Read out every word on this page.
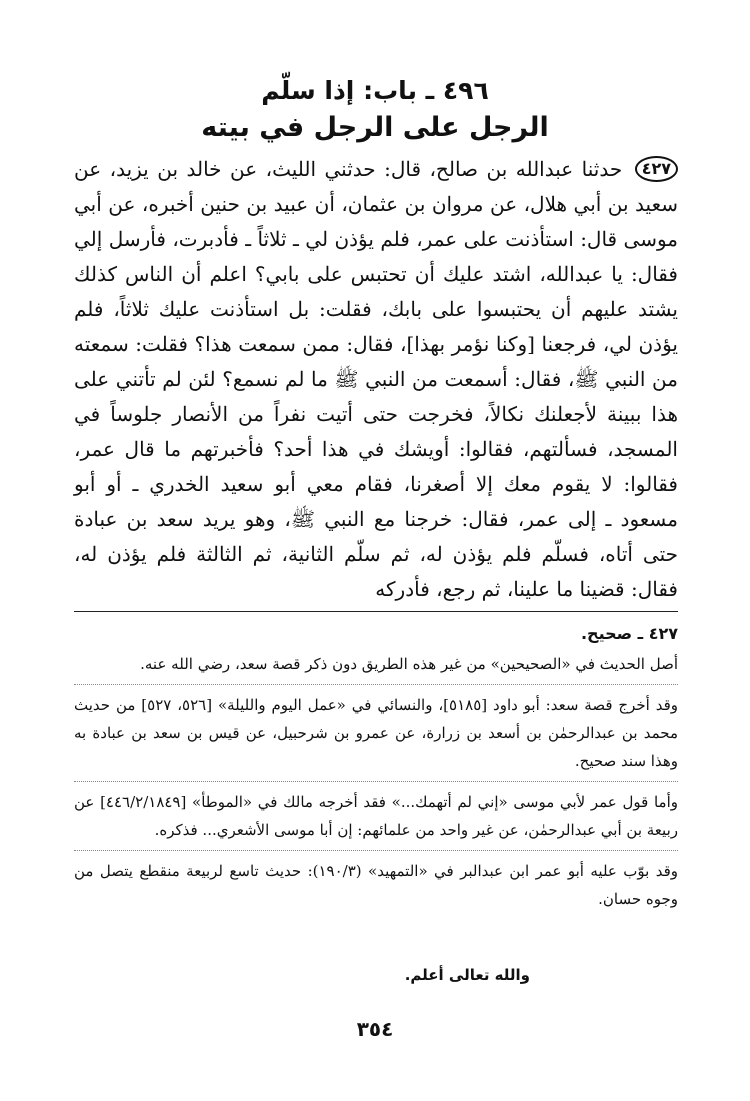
٤٩٦ ـ باب: إذا سلّم
الرجل على الرجل في بيته
٤٢٧ حدثنا عبدالله بن صالح، قال: حدثني الليث، عن خالد بن يزيد، عن سعيد بن أبي هلال، عن مروان بن عثمان، أن عبيد بن حنين أخبره، عن أبي موسى قال: استأذنت على عمر، فلم يؤذن لي ـ ثلاثاً ـ فأدبرت، فأرسل إلي فقال: يا عبدالله، اشتد عليك أن تحتبس على بابي؟ اعلم أن الناس كذلك يشتد عليهم أن يحتبسوا على بابك، فقلت: بل استأذنت عليك ثلاثاً، فلم يؤذن لي، فرجعنا [وكنا نؤمر بهذا]، فقال: ممن سمعت هذا؟ فقلت: سمعته من النبي ﷺ، فقال: أسمعت من النبي ﷺ ما لم نسمع؟ لئن لم تأتني على هذا ببينة لأجعلنك نكالاً، فخرجت حتى أتيت نفراً من الأنصار جلوساً في المسجد، فسألتهم، فقالوا: أويشك في هذا أحد؟ فأخبرتهم ما قال عمر، فقالوا: لا يقوم معك إلا أصغرنا، فقام معي أبو سعيد الخدري ـ أو أبو مسعود ـ إلى عمر، فقال: خرجنا مع النبي ﷺ، وهو يريد سعد بن عبادة حتى أتاه، فسلّم فلم يؤذن له، ثم سلّم الثانية، ثم الثالثة فلم يؤذن له، فقال: قضينا ما علينا، ثم رجع، فأدركه
٤٢٧ ـ صحيح.
أصل الحديث في «الصحيحين» من غير هذه الطريق دون ذكر قصة سعد، رضي الله عنه.
وقد أخرج قصة سعد: أبو داود [٥١٨٥]، والنسائي في «عمل اليوم والليلة» [٥٢٦، ٥٢٧] من حديث محمد بن عبدالرحمٰن بن أسعد بن زرارة، عن عمرو بن شرحبيل، عن قيس بن سعد بن عبادة به وهذا سند صحيح.
وأما قول عمر لأبي موسى «إني لم أتهمك...» فقد أخرجه مالك في «الموطأ» [٤٤٦/٢/١٨٤٩] عن ربيعة بن أبي عبدالرحمٰن، عن غير واحد من علمائهم: إن أبا موسى الأشعري... فذكره.
وقد بوّب عليه أبو عمر ابن عبدالبر في «التمهيد» (١٩٠/٣): حديث تاسع لربيعة منقطع يتصل من وجوه حسان.
والله تعالى أعلم.
٣٥٤
